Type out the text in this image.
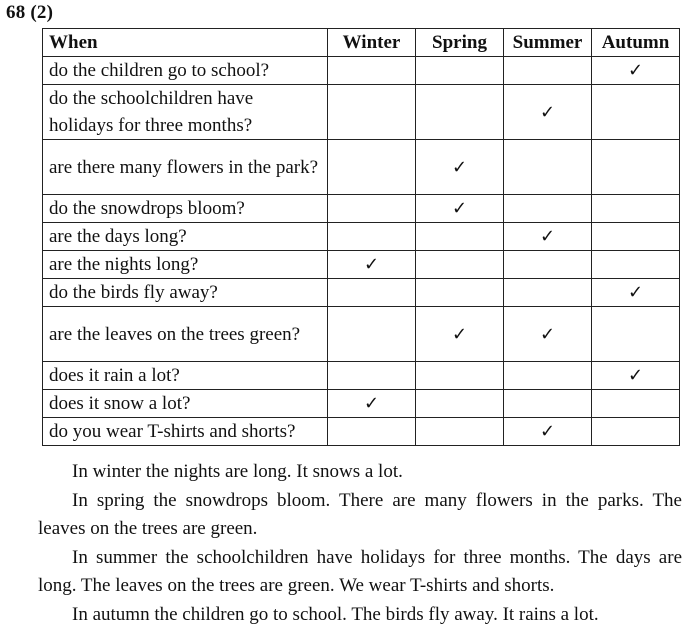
68 (2)
When	Winter	Spring	Summer	Autumn
do the children go to school?				✓
do the schoolchildren have holidays for three months?			✓	
are there many flowers in the park?		✓		
do the snowdrops bloom?		✓		
are the days long?			✓	
are the nights long?	✓			
do the birds fly away?				✓
are the leaves on the trees green?		✓	✓	
does it rain a lot?				✓
does it snow a lot?	✓			
do you wear T-shirts and shorts?			✓	

In winter the nights are long. It snows a lot.

In spring the snowdrops bloom. There are many flowers in the parks. The leaves on the trees are green.

In summer the schoolchildren have holidays for three months. The days are long. The leaves on the trees are green. We wear T-shirts and shorts.

In autumn the children go to school. The birds fly away. It rains a lot.
